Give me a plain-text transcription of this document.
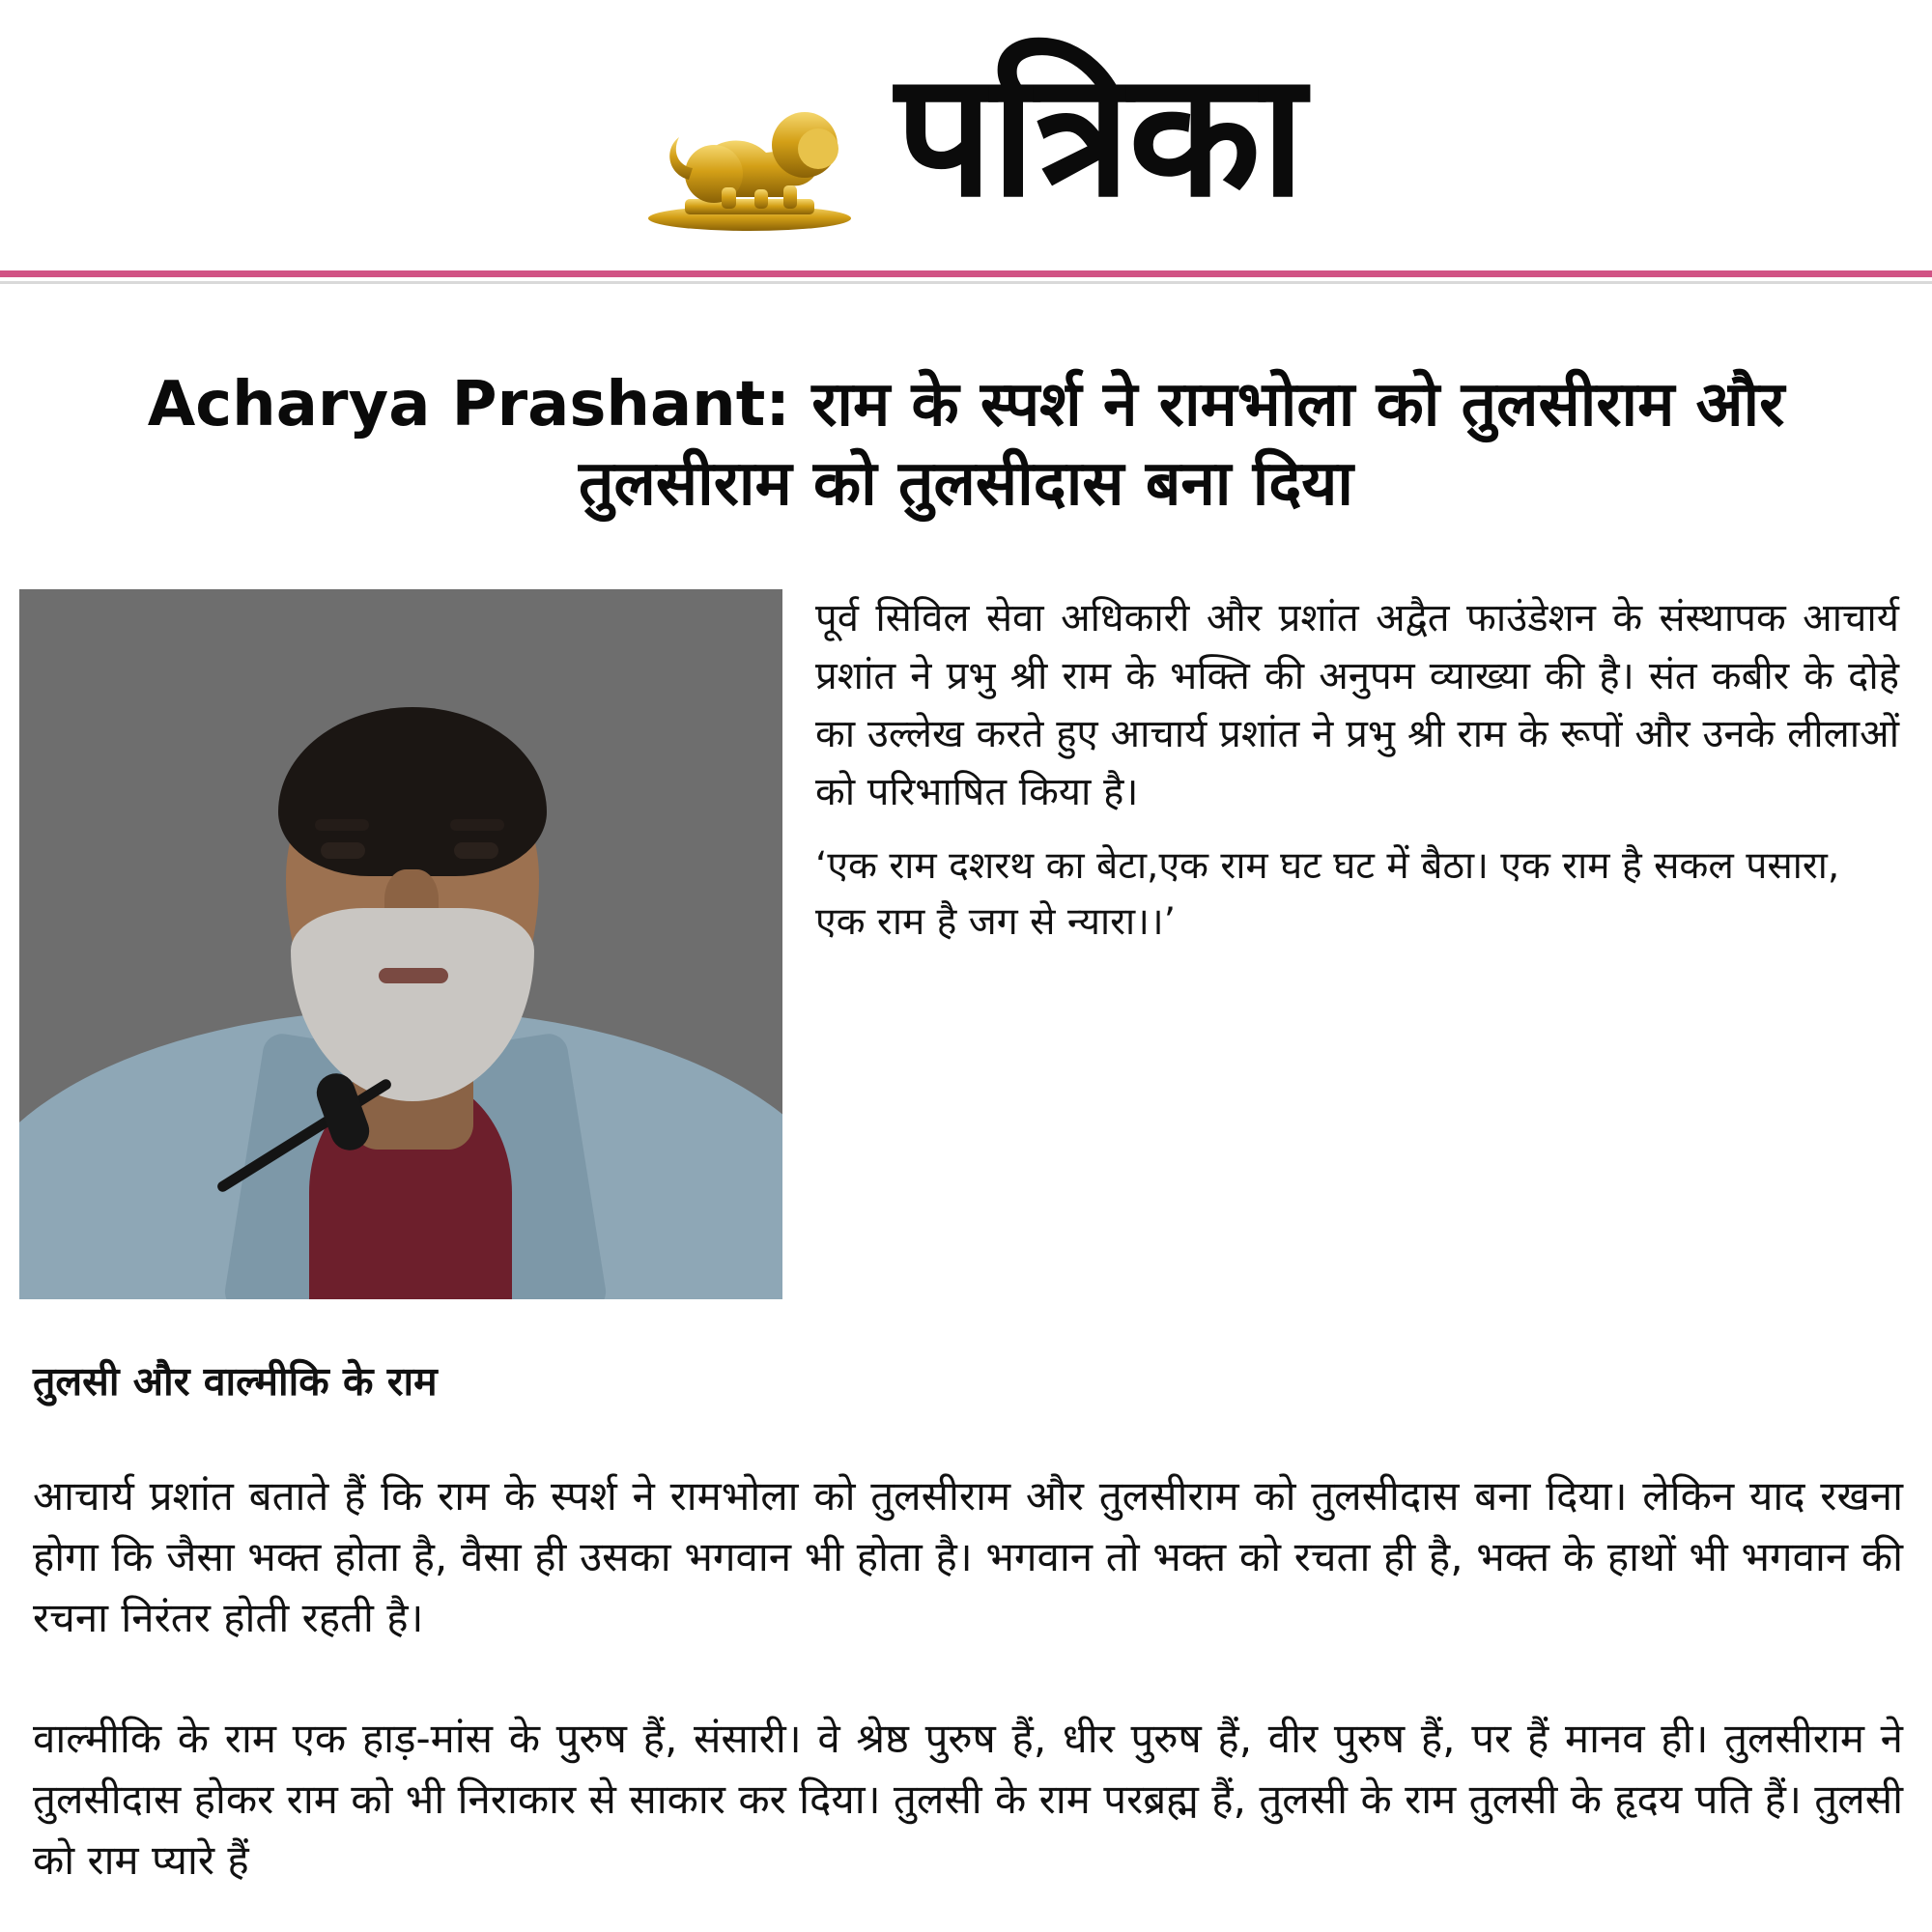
पत्रिका
Acharya Prashant: राम के स्पर्श ने रामभोला को तुलसीराम और तुलसीराम को तुलसीदास बना दिया

पूर्व सिविल सेवा अधिकारी और प्रशांत अद्वैत फाउंडेशन के संस्थापक आचार्य प्रशांत ने प्रभु श्री राम के भक्ति की अनुपम व्याख्या की है। संत कबीर के दोहे का उल्लेख करते हुए आचार्य प्रशांत ने प्रभु श्री राम के रूपों और उनके लीलाओं को परिभाषित किया है।

‘एक राम दशरथ का बेटा,एक राम घट घट में बैठा। एक राम है सकल पसारा, एक राम है जग से न्यारा।।’
तुलसी और वाल्मीकि के राम

आचार्य प्रशांत बताते हैं कि राम के स्पर्श ने रामभोला को तुलसीराम और तुलसीराम को तुलसीदास बना दिया। लेकिन याद रखना होगा कि जैसा भक्त होता है, वैसा ही उसका भगवान भी होता है। भगवान तो भक्त को रचता ही है, भक्त के हाथों भी भगवान की रचना निरंतर होती रहती है।

वाल्मीकि के राम एक हाड़-मांस के पुरुष हैं, संसारी। वे श्रेष्ठ पुरुष हैं, धीर पुरुष हैं, वीर पुरुष हैं, पर हैं मानव ही। तुलसीराम ने तुलसीदास होकर राम को भी निराकार से साकार कर दिया। तुलसी के राम परब्रह्म हैं, तुलसी के राम तुलसी के हृदय पति हैं। तुलसी को राम प्यारे हैं
